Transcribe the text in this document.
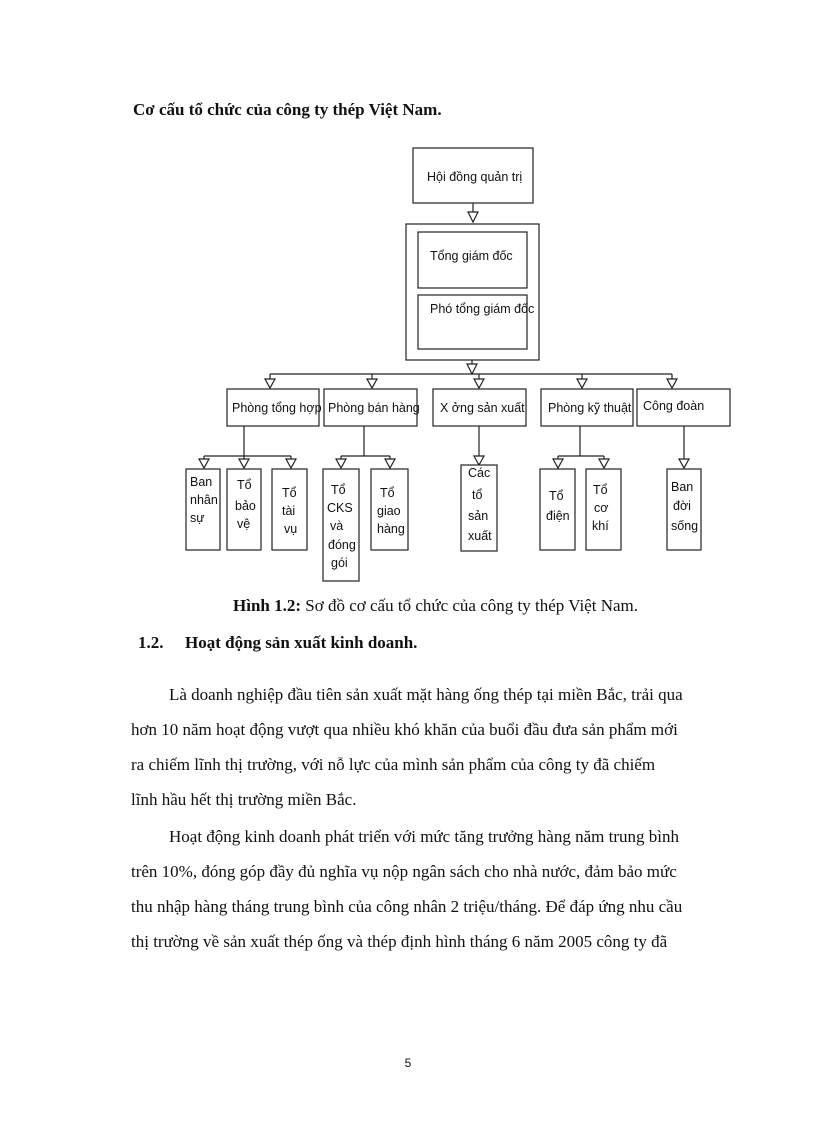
Cơ cấu tổ chức của công ty thép Việt Nam.
Hội đồng quản trị
Tổng giám đốc
Phó tổng giám đốc
Phòng tổng hợp Phòng bán hàng X ởng sản xuất Phòng kỹ thuật Công đoàn
Ban
nhân
sự
Tổ
bảo
vệ
Tổ
tài
vụ
Tổ
CKS
và
đóng
gói
Tổ
giao
hàng
Các
tổ
sản
xuất
Tổ
điện
Tổ
cơ
khí
Ban
đời
sống
Hình 1.2: Sơ đồ cơ cấu tổ chức của công ty thép Việt Nam.
1.2. Hoạt động sản xuất kinh doanh.
Là doanh nghiệp đầu tiên sản xuất mặt hàng ống thép tại miền Bắc, trải qua
hơn 10 năm hoạt động vượt qua nhiều khó khăn của buổi đầu đưa sản phẩm mới
ra chiếm lĩnh thị trường, với nỗ lực của mình sản phẩm của công ty đã chiếm
lĩnh hầu hết thị trường miền Bắc.
Hoạt động kinh doanh phát triển với mức tăng trưởng hàng năm trung bình
trên 10%, đóng góp đầy đủ nghĩa vụ nộp ngân sách cho nhà nước, đảm bảo mức
thu nhập hàng tháng trung bình của công nhân 2 triệu/tháng. Để đáp ứng nhu cầu
thị trường về sản xuất thép ống và thép định hình tháng 6 năm 2005 công ty đã
5
